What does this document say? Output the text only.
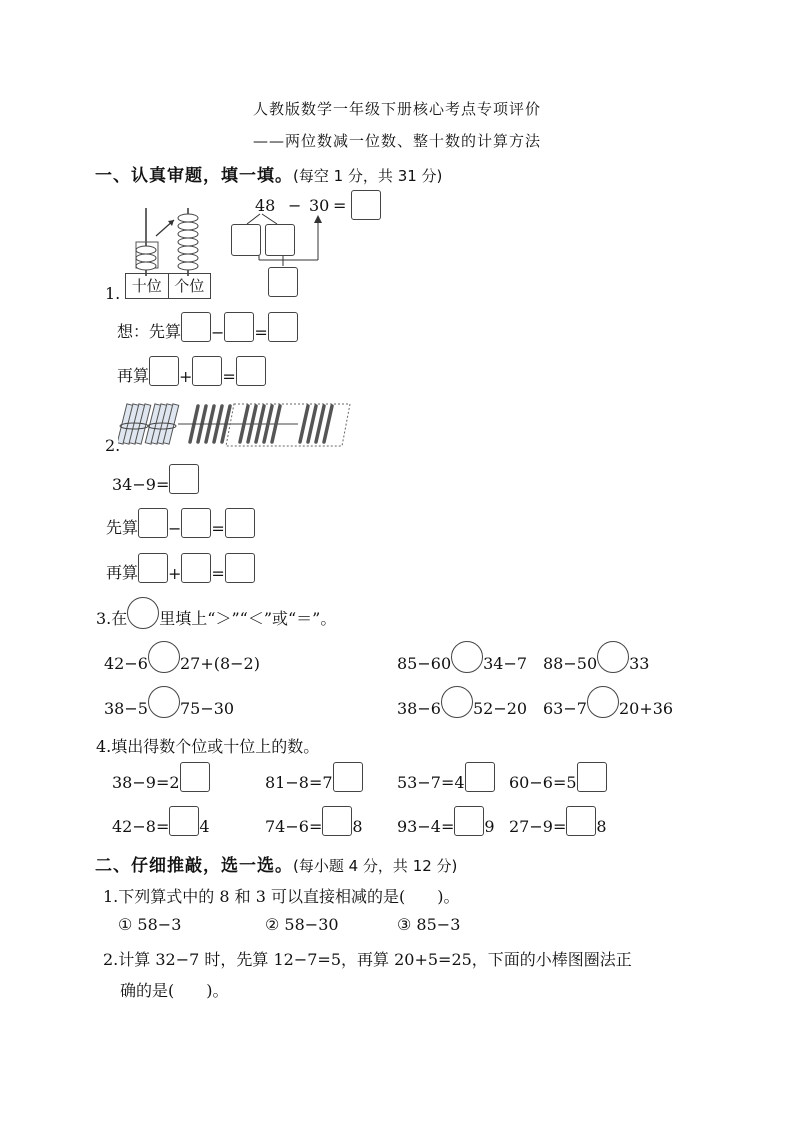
人教版数学一年级下册核心考点专项评价
——两位数减一位数、整十数的计算方法
一、认真审题，填一填。(每空 1 分，共 31 分)
十位 个位
1.
48 − 30 =
想：先算 − =
再算 + =
2.
34−9=
先算 − =
再算 + =
3.在 里填上“＞”“＜”或“＝”。
42−6 27+(8−2)	85−60 34−7 88−50 33
38−5 75−30	38−6 52−20 63−7 20+36
4.填出得数个位或十位上的数。
38−9=2	81−8=7	53−7=4	60−6=5
42−8= 4	74−6= 8 93−4= 9 27−9= 8
二、仔细推敲，选一选。(每小题 4 分，共 12 分)
1.下列算式中的 8 和 3 可以直接相减的是(　　)。
① 58−3	② 58−30	③ 85−3
2.计算 32−7 时，先算 12−7=5，再算 20+5=25，下面的小棒图圈法正
确的是(　　)。
